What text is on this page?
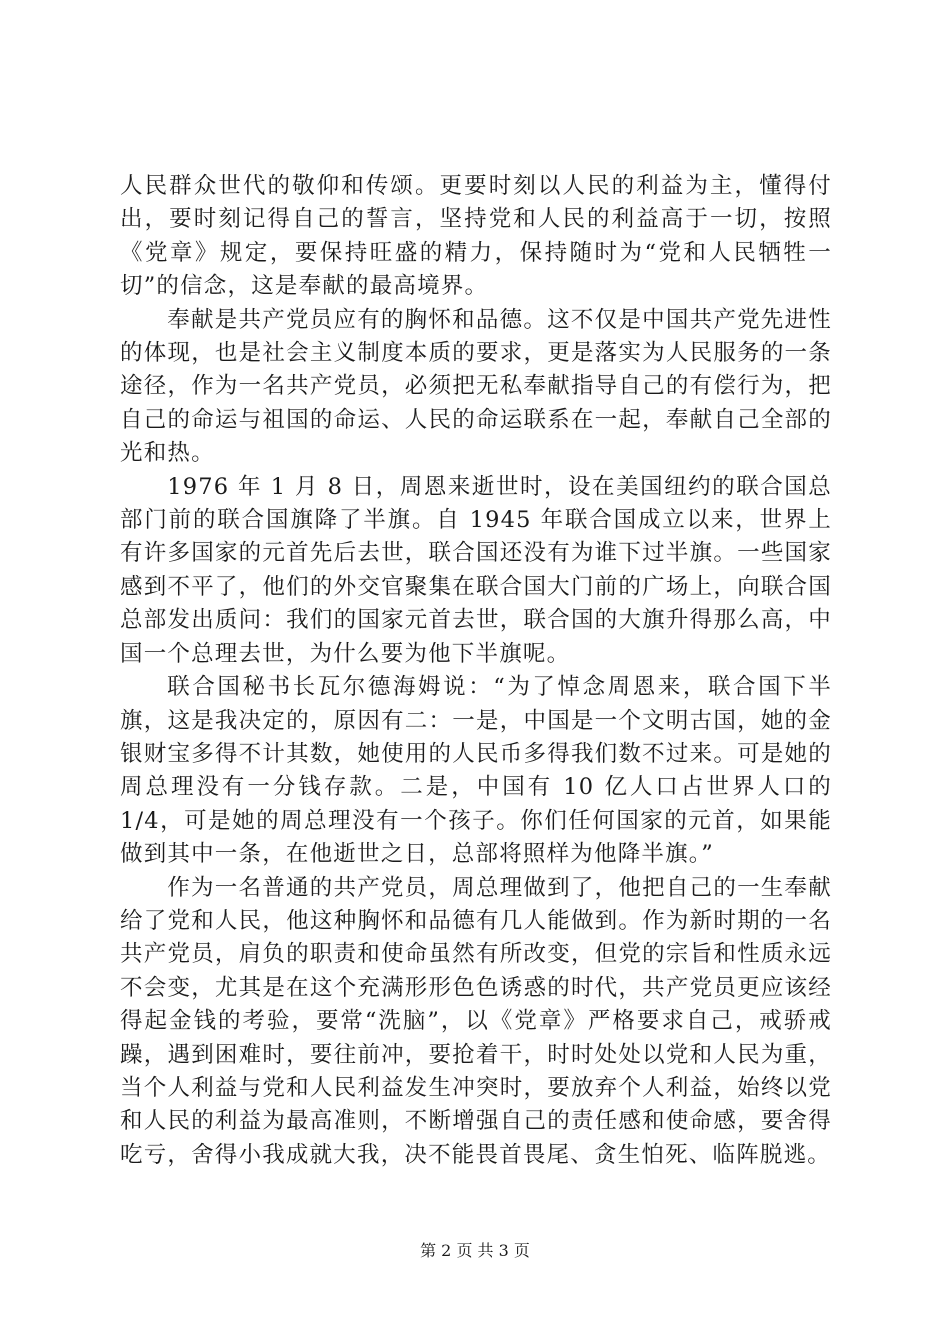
人民群众世代的敬仰和传颂。更要时刻以人民的利益为主，懂得付出，要时刻记得自己的誓言，坚持党和人民的利益高于一切，按照《党章》规定，要保持旺盛的精力，保持随时为“党和人民牺牲一切”的信念，这是奉献的最高境界。

奉献是共产党员应有的胸怀和品德。这不仅是中国共产党先进性的体现，也是社会主义制度本质的要求，更是落实为人民服务的一条途径，作为一名共产党员，必须把无私奉献指导自己的有偿行为，把自己的命运与祖国的命运、人民的命运联系在一起，奉献自己全部的光和热。

1976 年 1 月 8 日，周恩来逝世时，设在美国纽约的联合国总部门前的联合国旗降了半旗。自 1945 年联合国成立以来，世界上有许多国家的元首先后去世，联合国还没有为谁下过半旗。一些国家感到不平了，他们的外交官聚集在联合国大门前的广场上，向联合国总部发出质问：我们的国家元首去世，联合国的大旗升得那么高，中国一个总理去世，为什么要为他下半旗呢。

联合国秘书长瓦尔德海姆说：“为了悼念周恩来，联合国下半旗，这是我决定的，原因有二：一是，中国是一个文明古国，她的金银财宝多得不计其数，她使用的人民币多得我们数不过来。可是她的周总理没有一分钱存款。二是，中国有 10 亿人口占世界人口的 1/4，可是她的周总理没有一个孩子。你们任何国家的元首，如果能做到其中一条，在他逝世之日，总部将照样为他降半旗。”

作为一名普通的共产党员，周总理做到了，他把自己的一生奉献给了党和人民，他这种胸怀和品德有几人能做到。作为新时期的一名共产党员，肩负的职责和使命虽然有所改变，但党的宗旨和性质永远不会变，尤其是在这个充满形形色色诱惑的时代，共产党员更应该经得起金钱的考验，要常“洗脑”，以《党章》严格要求自己，戒骄戒躁，遇到困难时，要往前冲，要抢着干，时时处处以党和人民为重，当个人利益与党和人民利益发生冲突时，要放弃个人利益，始终以党和人民的利益为最高准则，不断增强自己的责任感和使命感，要舍得吃亏，舍得小我成就大我，决不能畏首畏尾、贪生怕死、临阵脱逃。

第 2 页 共 3 页
